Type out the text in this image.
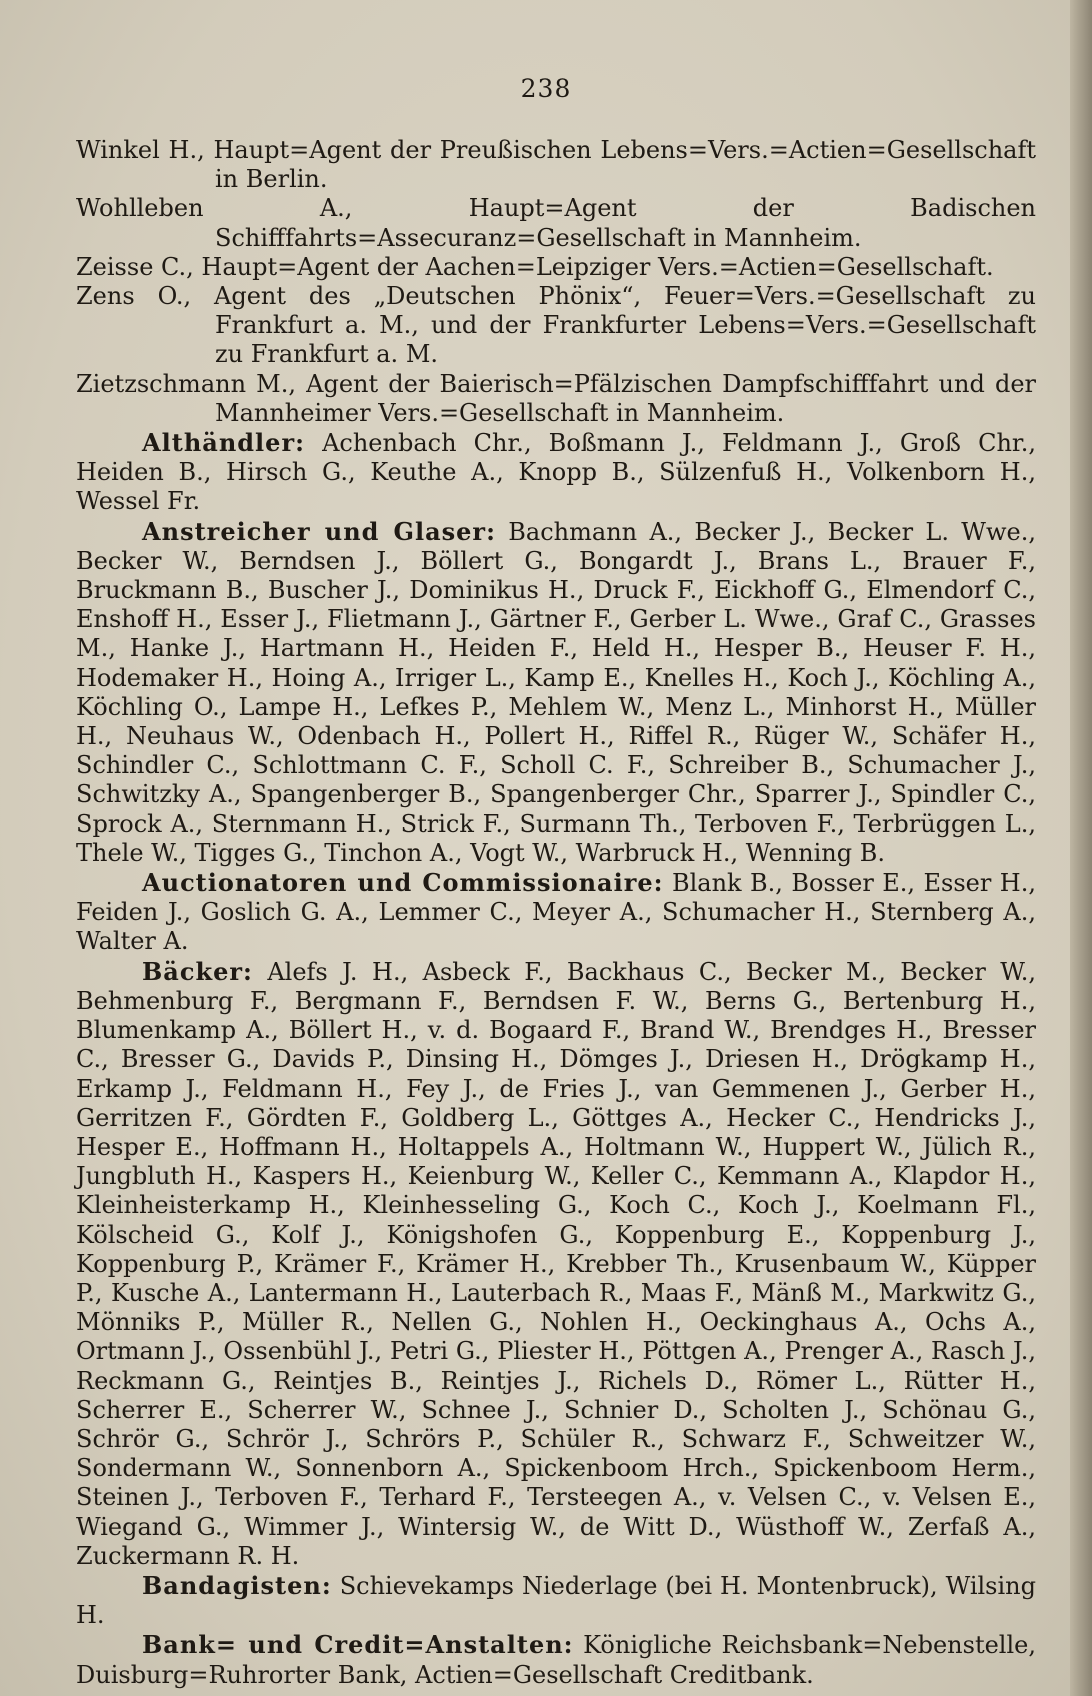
238

Winkel H., Haupt=Agent der Preußischen Lebens=Vers.=Actien=Gesellschaft in Berlin.

Wohlleben A., Haupt=Agent der Badischen Schifffahrts=Assecuranz=Gesellschaft in Mannheim.

Zeisse C., Haupt=Agent der Aachen=Leipziger Vers.=Actien=Gesellschaft.

Zens O., Agent des „Deutschen Phönix“, Feuer=Vers.=Gesellschaft zu Frankfurt a. M., und der Frankfurter Lebens=Vers.=Gesellschaft zu Frankfurt a. M.

Zietzschmann M., Agent der Baierisch=Pfälzischen Dampfschifffahrt und der Mannheimer Vers.=Gesellschaft in Mannheim.

Althändler: Achenbach Chr., Boßmann J., Feldmann J., Groß Chr., Heiden B., Hirsch G., Keuthe A., Knopp B., Sülzenfuß H., Volkenborn H., Wessel Fr.

Anstreicher und Glaser: Bachmann A., Becker J., Becker L. Wwe., Becker W., Berndsen J., Böllert G., Bongardt J., Brans L., Brauer F., Bruckmann B., Buscher J., Dominikus H., Druck F., Eickhoff G., Elmendorf C., Enshoff H., Esser J., Flietmann J., Gärtner F., Gerber L. Wwe., Graf C., Grasses M., Hanke J., Hartmann H., Heiden F., Held H., Hesper B., Heuser F. H., Hodemaker H., Hoing A., Irriger L., Kamp E., Knelles H., Koch J., Köchling A., Köchling O., Lampe H., Lefkes P., Mehlem W., Menz L., Minhorst H., Müller H., Neuhaus W., Odenbach H., Pollert H., Riffel R., Rüger W., Schäfer H., Schindler C., Schlottmann C. F., Scholl C. F., Schreiber B., Schumacher J., Schwitzky A., Spangenberger B., Spangenberger Chr., Sparrer J., Spindler C., Sprock A., Sternmann H., Strick F., Surmann Th., Terboven F., Terbrüggen L., Thele W., Tigges G., Tinchon A., Vogt W., Warbruck H., Wenning B.

Auctionatoren und Commissionaire: Blank B., Bosser E., Esser H., Feiden J., Goslich G. A., Lemmer C., Meyer A., Schumacher H., Sternberg A., Walter A.

Bäcker: Alefs J. H., Asbeck F., Backhaus C., Becker M., Becker W., Behmenburg F., Bergmann F., Berndsen F. W., Berns G., Bertenburg H., Blumenkamp A., Böllert H., v. d. Bogaard F., Brand W., Brendges H., Bresser C., Bresser G., Davids P., Dinsing H., Dömges J., Driesen H., Drögkamp H., Erkamp J., Feldmann H., Fey J., de Fries J., van Gemmenen J., Gerber H., Gerritzen F., Gördten F., Goldberg L., Göttges A., Hecker C., Hendricks J., Hesper E., Hoffmann H., Holtappels A., Holtmann W., Huppert W., Jülich R., Jungbluth H., Kaspers H., Keienburg W., Keller C., Kemmann A., Klapdor H., Kleinheisterkamp H., Kleinhesseling G., Koch C., Koch J., Koelmann Fl., Kölscheid G., Kolf J., Königshofen G., Koppenburg E., Koppenburg J., Koppenburg P., Krämer F., Krämer H., Krebber Th., Krusenbaum W., Küpper P., Kusche A., Lantermann H., Lauterbach R., Maas F., Mänß M., Markwitz G., Mönniks P., Müller R., Nellen G., Nohlen H., Oeckinghaus A., Ochs A., Ortmann J., Ossenbühl J., Petri G., Pliester H., Pöttgen A., Prenger A., Rasch J., Reckmann G., Reintjes B., Reintjes J., Richels D., Römer L., Rütter H., Scherrer E., Scherrer W., Schnee J., Schnier D., Scholten J., Schönau G., Schrör G., Schrör J., Schrörs P., Schüler R., Schwarz F., Schweitzer W., Sondermann W., Sonnenborn A., Spickenboom Hrch., Spickenboom Herm., Steinen J., Terboven F., Terhard F., Tersteegen A., v. Velsen C., v. Velsen E., Wiegand G., Wimmer J., Wintersig W., de Witt D., Wüsthoff W., Zerfaß A., Zuckermann R. H.

Bandagisten: Schievekamps Niederlage (bei H. Montenbruck), Wilsing H.

Bank= und Credit=Anstalten: Königliche Reichsbank=Nebenstelle, Duisburg=Ruhrorter Bank, Actien=Gesellschaft Creditbank.
